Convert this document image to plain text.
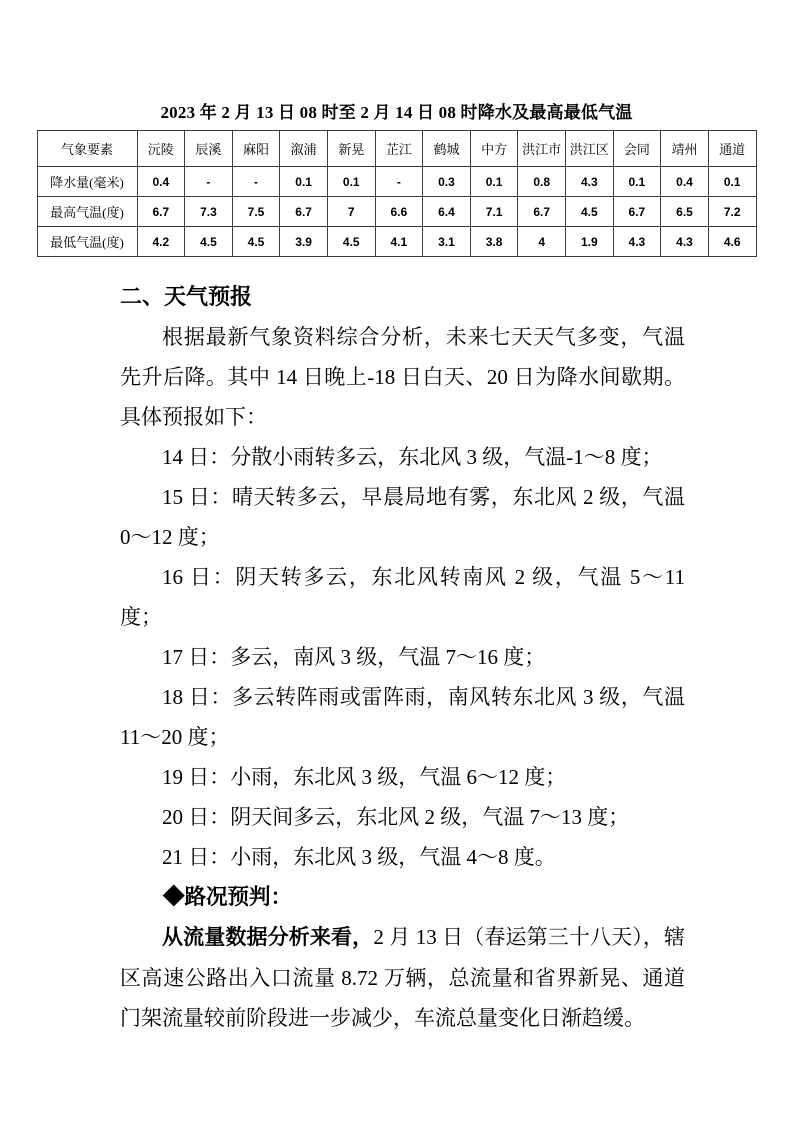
2023 年 2 月 13 日 08 时至 2 月 14 日 08 时降水及最高最低气温
气象要素	沅陵	辰溪	麻阳	溆浦	新晃	芷江	鹤城	中方	洪江市	洪江区	会同	靖州	通道
降水量(毫米)	0.4	-	-	0.1	0.1	-	0.3	0.1	0.8	4.3	0.1	0.4	0.1
最高气温(度)	6.7	7.3	7.5	6.7	7	6.6	6.4	7.1	6.7	4.5	6.7	6.5	7.2
最低气温(度)	4.2	4.5	4.5	3.9	4.5	4.1	3.1	3.8	4	1.9	4.3	4.3	4.6
二、天气预报

根据最新气象资料综合分析，未来七天天气多变，气温先升后降。其中 14 日晚上-18 日白天、20 日为降水间歇期。具体预报如下：

14 日：分散小雨转多云，东北风 3 级，气温-1～8 度；

15 日：晴天转多云，早晨局地有雾，东北风 2 级，气温 0～12 度；

16 日：阴天转多云，东北风转南风 2 级，气温 5～11 度；

17 日：多云，南风 3 级，气温 7～16 度；

18 日：多云转阵雨或雷阵雨，南风转东北风 3 级，气温 11～20 度；

19 日：小雨，东北风 3 级，气温 6～12 度；

20 日：阴天间多云，东北风 2 级，气温 7～13 度；

21 日：小雨，东北风 3 级，气温 4～8 度。

◆路况预判：

从流量数据分析来看，2 月 13 日（春运第三十八天），辖区高速公路出入口流量 8.72 万辆，总流量和省界新晃、通道门架流量较前阶段进一步减少，车流总量变化日渐趋缓。
